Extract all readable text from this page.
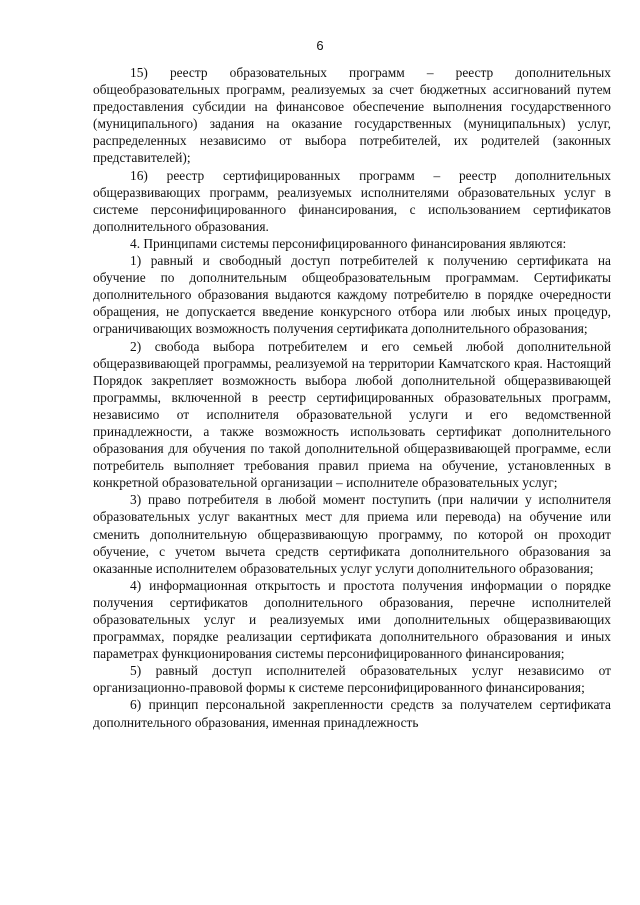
6

15) реестр образовательных программ – реестр дополнительных общеобразовательных программ, реализуемых за счет бюджетных ассигнований путем предоставления субсидии на финансовое обеспечение выполнения государственного (муниципального) задания на оказание государственных (муниципальных) услуг, распределенных независимо от выбора потребителей, их родителей (законных представителей);

16) реестр сертифицированных программ – реестр дополнительных общеразвивающих программ, реализуемых исполнителями образовательных услуг в системе персонифицированного финансирования, с использованием сертификатов дополнительного образования.

4. Принципами системы персонифицированного финансирования являются:

1) равный и свободный доступ потребителей к получению сертификата на обучение по дополнительным общеобразовательным программам. Сертификаты дополнительного образования выдаются каждому потребителю в порядке очередности обращения, не допускается введение конкурсного отбора или любых иных процедур, ограничивающих возможность получения сертификата дополнительного образования;

2) свобода выбора потребителем и его семьей любой дополнительной общеразвивающей программы, реализуемой на территории Камчатского края. Настоящий Порядок закрепляет возможность выбора любой дополнительной общеразвивающей программы, включенной в реестр сертифицированных образовательных программ, независимо от исполнителя образовательной услуги и его ведомственной принадлежности, а также возможность использовать сертификат дополнительного образования для обучения по такой дополнительной общеразвивающей программе, если потребитель выполняет требования правил приема на обучение, установленных в конкретной образовательной организации – исполнителе образовательных услуг;

3) право потребителя в любой момент поступить (при наличии у исполнителя образовательных услуг вакантных мест для приема или перевода) на обучение или сменить дополнительную общеразвивающую программу, по которой он проходит обучение, с учетом вычета средств сертификата дополнительного образования за оказанные исполнителем образовательных услуг услуги дополнительного образования;

4) информационная открытость и простота получения информации о порядке получения сертификатов дополнительного образования, перечне исполнителей образовательных услуг и реализуемых ими дополнительных общеразвивающих программах, порядке реализации сертификата дополнительного образования и иных параметрах функционирования системы персонифицированного финансирования;

5) равный доступ исполнителей образовательных услуг независимо от организационно-правовой формы к системе персонифицированного финансирования;

6) принцип персональной закрепленности средств за получателем сертификата дополнительного образования, именная принадлежность
